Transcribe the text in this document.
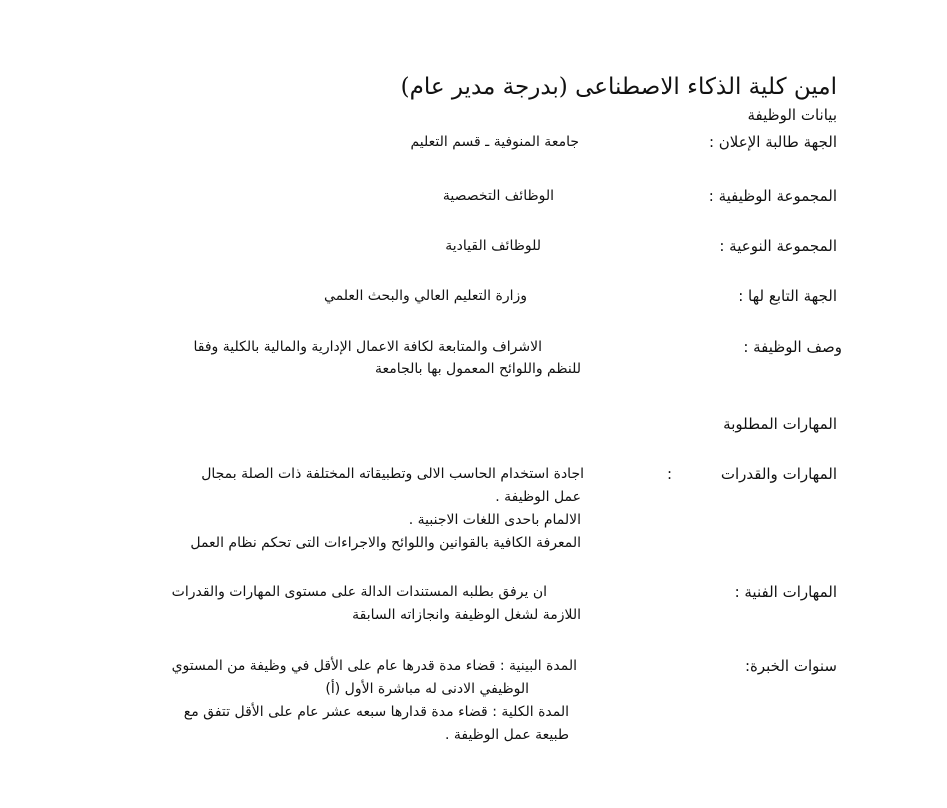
امين كلية الذكاء الاصطناعى (بدرجة مدير عام)
بيانات الوظيفة
الجهة طالبة الإعلان :
جامعة المنوفية ـ قسم التعليم
المجموعة الوظيفية :
الوظائف التخصصية
المجموعة النوعية :
للوظائف القيادية
الجهة التابع لها :
وزارة التعليم العالي والبحث العلمي
وصف الوظيفة :
الاشراف والمتابعة لكافة الاعمال الإدارية والمالية بالكلية وفقا
للنظم واللوائح المعمول بها بالجامعة
المهارات المطلوبة
المهارات والقدرات
:
اجادة استخدام الحاسب الالى وتطبيقاته المختلفة ذات الصلة بمجال
عمل الوظيفة .
الالمام باحدى اللغات الاجنبية .
المعرفة الكافية بالقوانين واللوائح والاجراءات التى تحكم نظام العمل
المهارات الفنية :
ان يرفق بطلبه المستندات الدالة على مستوى المهارات والقدرات
اللازمة لشغل الوظيفة وانجازاته السابقة
سنوات الخبرة:
المدة البينية : قضاء مدة قدرها عام على الأقل في وظيفة من المستوي
الوظيفي الادنى له مباشرة الأول (أ)
المدة الكلية : قضاء مدة قدارها سبعه عشر عام على الأقل تتفق مع
طبيعة عمل الوظيفة .
